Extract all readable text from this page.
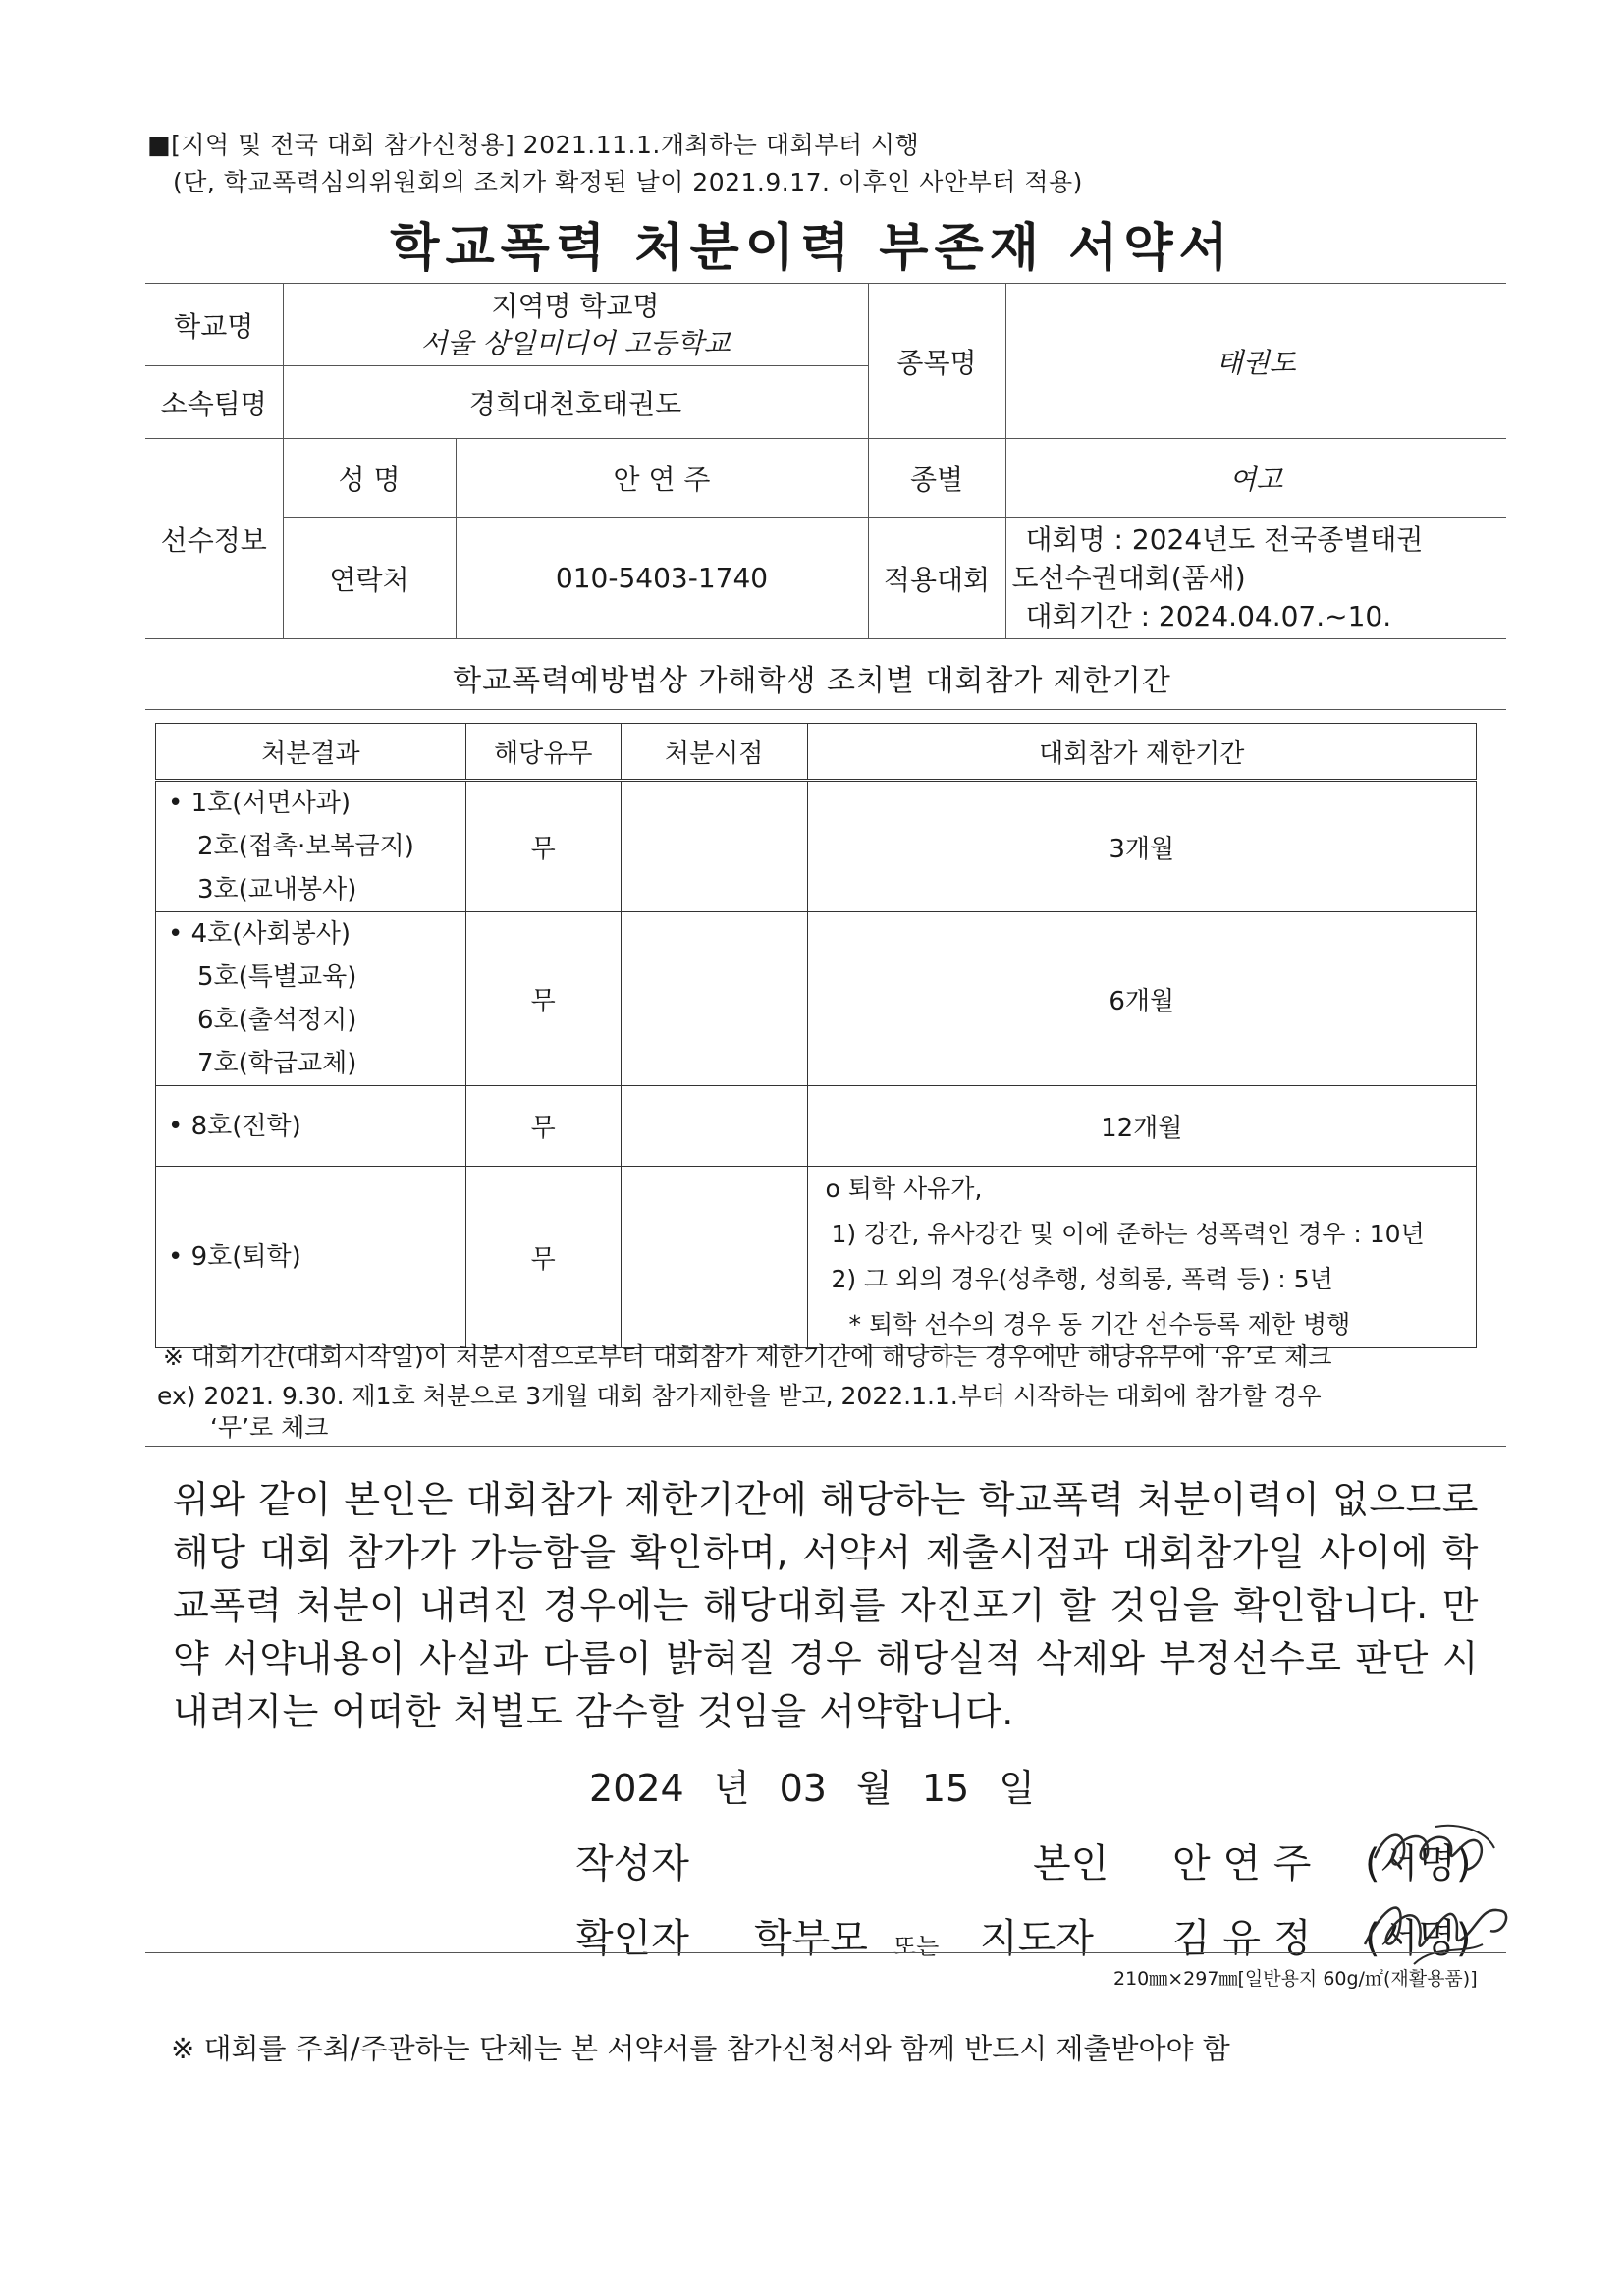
■[지역 및 전국 대회 참가신청용] 2021.11.1.개최하는 대회부터 시행
(단, 학교폭력심의위원회의 조치가 확정된 날이 2021.9.17. 이후인 사안부터 적용)
학교폭력 처분이력 부존재 서약서
학교명	지역명 학교명
서울 상일미디어 고등학교		종목명	태권도
소속팀명	경희대천호태권도			
선수정보	성 명	안 연 주	종별	여고
	연락처	010-5403-1740	적용대회	대회명 : 2024년도 전국종별태권
도선수권대회(품새)
대회기간 : 2024.04.07.~10.
학교폭력예방법상 가해학생 조치별 대회참가 제한기간
처분결과	해당유무	처분시점	대회참가 제한기간

• 1호(서면사과)
2호(접촉·보복금지)
3호(교내봉사)	무		3개월

• 4호(사회봉사)
5호(특별교육)
6호(출석정지)
7호(학급교체)	무		6개월

• 8호(전학)	무		12개월

• 9호(퇴학)	무		o 퇴학 사유가,
1) 강간, 유사강간 및 이에 준하는 성폭력인 경우 : 10년
2) 그 외의 경우(성추행, 성희롱, 폭력 등) : 5년
* 퇴학 선수의 경우 동 기간 선수등록 제한 병행
※ 대회기간(대회시작일)이 처분시점으로부터 대회참가 제한기간에 해당하는 경우에만 해당유무에 ‘유’로 체크
ex) 2021. 9.30. 제1호 처분으로 3개월 대회 참가제한을 받고, 2022.1.1.부터 시작하는 대회에 참가할 경우
‘무’로 체크
위와 같이 본인은 대회참가 제한기간에 해당하는 학교폭력 처분이력이 없으므로 해당 대회 참가가 가능함을 확인하며, 서약서 제출시점과 대회참가일 사이에 학교폭력 처분이 내려진 경우에는 해당대회를 자진포기 할 것임을 확인합니다. 만약 서약내용이 사실과 다름이 밝혀질 경우 해당실적 삭제와 부정선수로 판단 시 내려지는 어떠한 처벌도 감수할 것임을 서약합니다.
2024 년 03 월 15 일
작성자	본인 안 연 주 (서명)
확인자 학부모 또는 지도자 김 유 정 (서명)
210㎜×297㎜[일반용지 60g/㎡(재활용품)]
※ 대회를 주최/주관하는 단체는 본 서약서를 참가신청서와 함께 반드시 제출받아야 함
